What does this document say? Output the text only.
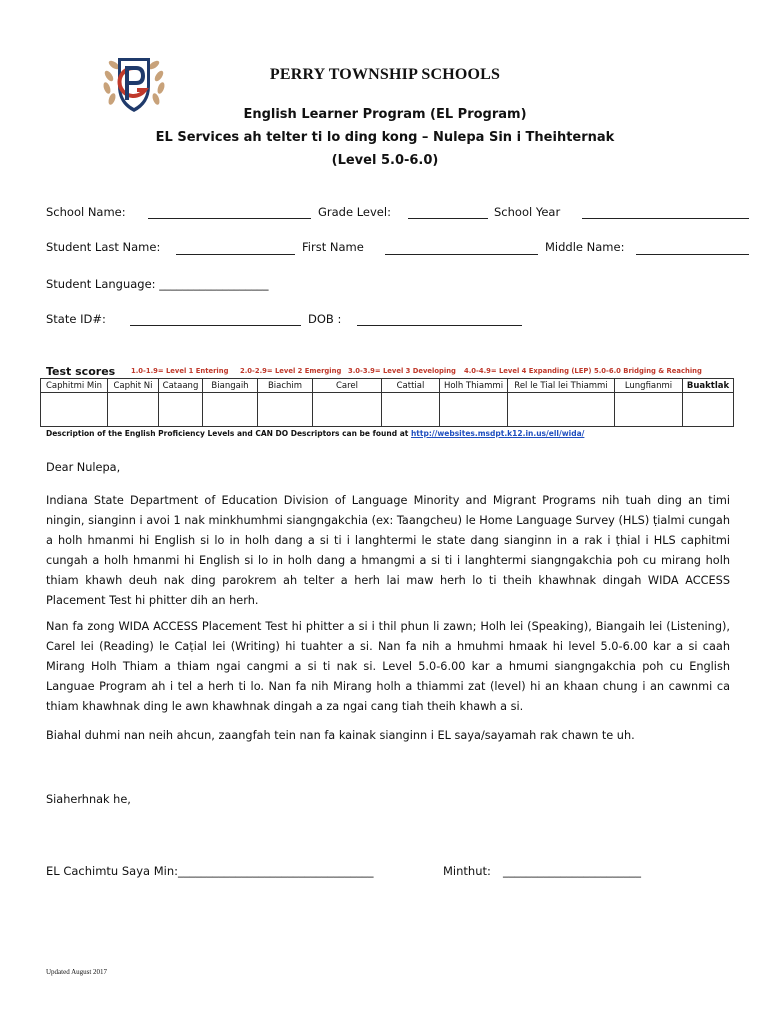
PERRY TOWNSHIP SCHOOLS
English Learner Program (EL Program)
EL Services ah telter ti lo ding kong – Nulepa Sin i Theihternak
(Level 5.0-6.0)
School Name:	Grade Level:	School Year
Student Last Name:	First Name	Middle Name:
Student Language: ___________________
State ID#:	DOB :
Test scores 1.0-1.9= Level 1 Entering 2.0-2.9= Level 2 Emerging 3.0-3.9= Level 3 Developing 4.0-4.9= Level 4 Expanding (LEP) 5.0-6.0 Bridging & Reaching
Caphitmi Min	Caphit Ni	Cataang	Biangaih	Biachim	Carel	Cattial	Holh Thiammi	Rel le Tial lei Thiammi	Lungfianmi	Buaktlak

Description of the English Proficiency Levels and CAN DO Descriptors can be found at http://websites.msdpt.k12.in.us/ell/wida/
Dear Nulepa,
Indiana State Department of Education Division of Language Minority and Migrant Programs nih tuah ding an timi ningin, sianginn i avoi 1 nak minkhumhmi siangngakchia (ex: Taangcheu) le Home Language Survey (HLS) ṭialmi cungah a holh hmanmi hi English si lo in holh dang a si ti i langhtermi le state dang sianginn in a rak i ṭhial i HLS caphitmi cungah a holh hmanmi hi English si lo in holh dang a hmangmi a si ti i langhtermi siangngakchia poh cu mirang holh thiam khawh deuh nak ding parokrem ah telter a herh lai maw herh lo ti theih khawhnak dingah WIDA ACCESS Placement Test hi phitter dih an herh.
Nan fa zong WIDA ACCESS Placement Test hi phitter a si i thil phun li zawn; Holh lei (Speaking), Biangaih lei (Listening), Carel lei (Reading) le Caṭial lei (Writing) hi tuahter a si. Nan fa nih a hmuhmi hmaak hi level 5.0-6.00 kar a si caah Mirang Holh Thiam a thiam ngai cangmi a si ti nak si. Level 5.0-6.00 kar a hmumi siangngakchia poh cu English Languae Program ah i tel a herh ti lo. Nan fa nih Mirang holh a thiammi zat (level) hi an khaan chung i an cawnmi ca thiam khawhnak ding le awn khawhnak dingah a za ngai cang tiah theih khawh a si.
Biahal duhmi nan neih ahcun, zaangfah tein nan fa kainak sianginn i EL saya/sayamah rak chawn te uh.
Siaherhnak he,
EL Cachimtu Saya Min:__________________________________	Minthut: ________________________
Updated August 2017
